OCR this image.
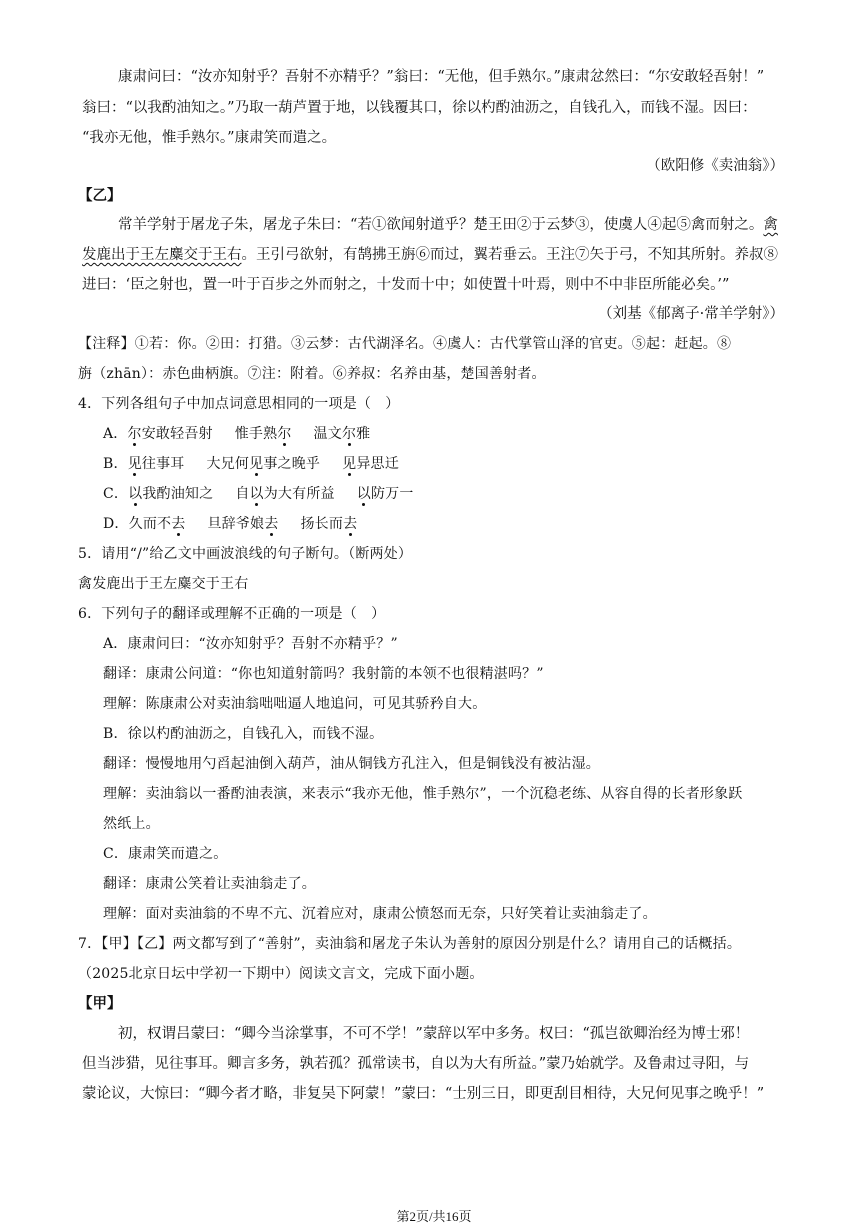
康肃问曰：“汝亦知射乎？吾射不亦精乎？”翁曰：“无他，但手熟尔。”康肃忿然曰：“尔安敢轻吾射！”
翁曰：“以我酌油知之。”乃取一葫芦置于地，以钱覆其口，徐以杓酌油沥之，自钱孔入，而钱不湿。因曰：
“我亦无他，惟手熟尔。”康肃笑而遣之。
（欧阳修《卖油翁》）
【乙】
常羊学射于屠龙子朱，屠龙子朱曰：“若①欲闻射道乎？楚王田②于云梦③，使虞人④起⑤禽而射之。禽
发鹿出于王左麋交于王右。王引弓欲射，有鹄拂王旃⑥而过，翼若垂云。王注⑦矢于弓，不知其所射。养叔⑧
进曰：‘臣之射也，置一叶于百步之外而射之，十发而十中；如使置十叶焉，则中不中非臣所能必矣。’”
（刘基《郁离子·常羊学射》）
【注释】①若：你。②田：打猎。③云梦：古代湖泽名。④虞人：古代掌管山泽的官吏。⑤起：赶起。⑧
旃（zhān）：赤色曲柄旗。⑦注：附着。⑥养叔：名养由基，楚国善射者。
4．下列各组句子中加点词意思相同的一项是（　）
A．尔安敢轻吾射 惟手熟尔 温文尔雅
B．见往事耳 大兄何见事之晚乎 见异思迁
C．以我酌油知之 自以为大有所益 以防万一
D．久而不去 旦辞爷娘去 扬长而去
5．请用“/”给乙文中画波浪线的句子断句。（断两处）
禽发鹿出于王左麋交于王右
6．下列句子的翻译或理解不正确的一项是（　）
A．康肃问曰：“汝亦知射乎？吾射不亦精乎？”
翻译：康肃公问道：“你也知道射箭吗？我射箭的本领不也很精湛吗？”
理解：陈康肃公对卖油翁咄咄逼人地追问，可见其骄矜自大。
B．徐以杓酌油沥之，自钱孔入，而钱不湿。
翻译：慢慢地用勺舀起油倒入葫芦，油从铜钱方孔注入，但是铜钱没有被沾湿。
理解：卖油翁以一番酌油表演，来表示“我亦无他，惟手熟尔”，一个沉稳老练、从容自得的长者形象跃
然纸上。
C．康肃笑而遣之。
翻译：康肃公笑着让卖油翁走了。
理解：面对卖油翁的不卑不亢、沉着应对，康肃公愤怒而无奈，只好笑着让卖油翁走了。
7．【甲】【乙】两文都写到了“善射”，卖油翁和屠龙子朱认为善射的原因分别是什么？请用自己的话概括。
（2025北京日坛中学初一下期中）阅读文言文，完成下面小题。
【甲】
初，权谓吕蒙曰：“卿今当涂掌事，不可不学！”蒙辞以军中多务。权曰：“孤岂欲卿治经为博士邪！
但当涉猎，见往事耳。卿言多务，孰若孤？孤常读书，自以为大有所益。”蒙乃始就学。及鲁肃过寻阳，与
蒙论议，大惊曰：“卿今者才略，非复吴下阿蒙！”蒙曰：“士别三日，即更刮目相待，大兄何见事之晚乎！”
第2页/共16页
